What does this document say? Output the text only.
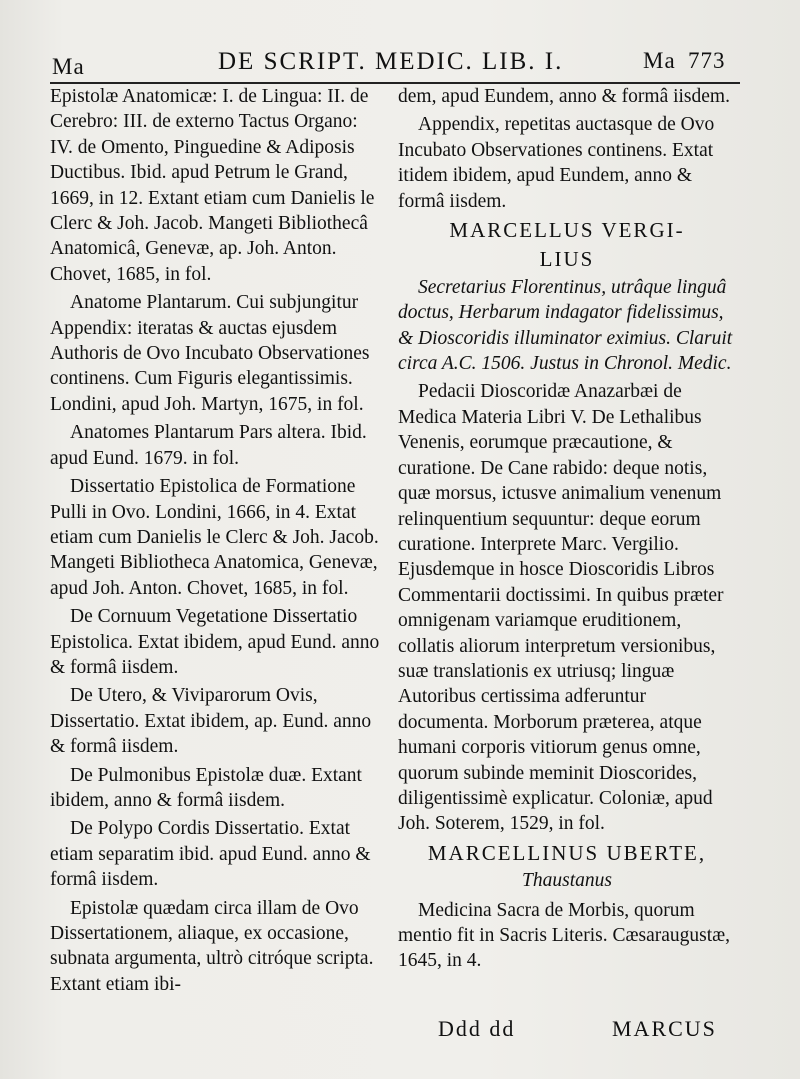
Ma	DE SCRIPT. MEDIC. LIB. I.	Ma 773

Epistolæ Anatomicæ: I. de Lingua: II. de Cerebro: III. de externo Tactus Organo: IV. de Omento, Pinguedine & Adiposis Ductibus. Ibid. apud Petrum le Grand, 1669, in 12. Extant etiam cum Danielis le Clerc & Joh. Jacob. Mangeti Bibliothecâ Anatomicâ, Genevæ, ap. Joh. Anton. Chovet, 1685, in fol.

Anatome Plantarum. Cui subjungitur Appendix: iteratas & auctas ejusdem Authoris de Ovo Incubato Observationes continens. Cum Figuris elegantissimis. Londini, apud Joh. Martyn, 1675, in fol.

Anatomes Plantarum Pars altera. Ibid. apud Eund. 1679. in fol.

Dissertatio Epistolica de Formatione Pulli in Ovo. Londini, 1666, in 4. Extat etiam cum Danielis le Clerc & Joh. Jacob. Mangeti Bibliotheca Anatomica, Genevæ, apud Joh. Anton. Chovet, 1685, in fol.

De Cornuum Vegetatione Dissertatio Epistolica. Extat ibidem, apud Eund. anno & formâ iisdem.

De Utero, & Viviparorum Ovis, Dissertatio. Extat ibidem, ap. Eund. anno & formâ iisdem.

De Pulmonibus Epistolæ duæ. Extant ibidem, anno & formâ iisdem.

De Polypo Cordis Dissertatio. Extat etiam separatim ibid. apud Eund. anno & formâ iisdem.

Epistolæ quædam circa illam de Ovo Dissertationem, aliaque, ex occasione, subnata argumenta, ultrò citróque scripta. Extant etiam ibi-

dem, apud Eundem, anno & formâ iisdem.

Appendix, repetitas auctasque de Ovo Incubato Observationes continens. Extat itidem ibidem, apud Eundem, anno & formâ iisdem.

MARCELLUS VERGI-

LIUS

Secretarius Florentinus, utrâque linguâ doctus, Herbarum indagator fidelissimus, & Dioscoridis illuminator eximius. Claruit circa A.C. 1506. Justus in Chronol. Medic.

Pedacii Dioscoridæ Anazarbæi de Medica Materia Libri V. De Lethalibus Venenis, eorumque præcautione, & curatione. De Cane rabido: deque notis, quæ morsus, ictusve animalium venenum relinquentium sequuntur: deque eorum curatione. Interprete Marc. Vergilio. Ejusdemque in hosce Dioscoridis Libros Commentarii doctissimi. In quibus præter omnigenam variamque eruditionem, collatis aliorum interpretum versionibus, suæ translationis ex utriusq; linguæ Autoribus certissima adferuntur documenta. Morborum præterea, atque humani corporis vitiorum genus omne, quorum subinde meminit Dioscorides, diligentissimè explicatur. Coloniæ, apud Joh. Soterem, 1529, in fol.

MARCELLINUS UBERTE,

Thaustanus

Medicina Sacra de Morbis, quorum mentio fit in Sacris Literis. Cæsaraugustæ, 1645, in 4.

Ddd dd	MARCUS
